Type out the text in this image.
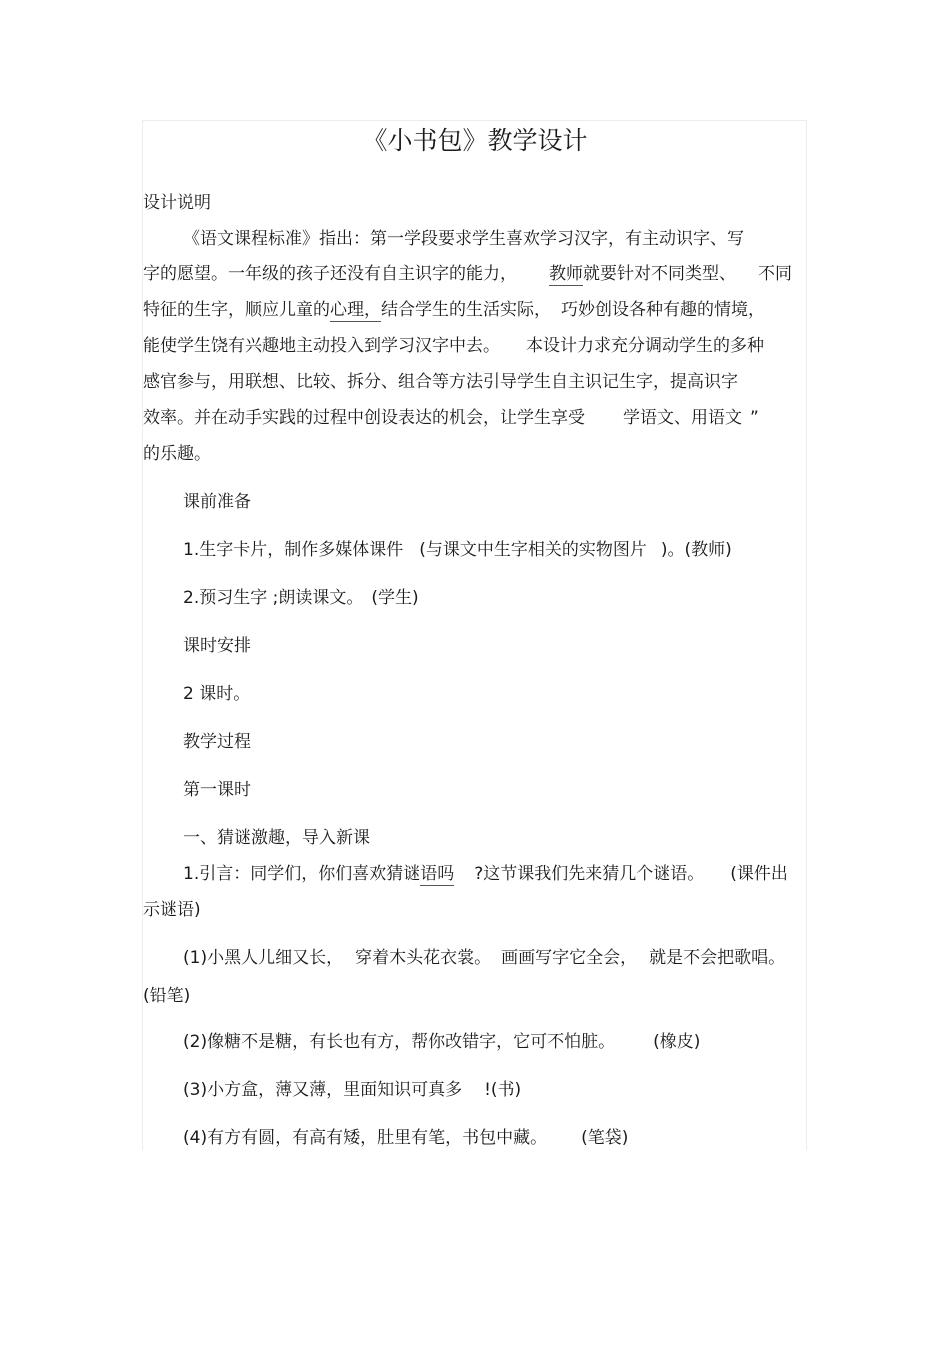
《小书包》教学设计
设计说明
《语文课程标准》指出：第一学段要求学生喜欢学习汉字，有主动识字、写
字的愿望。一年级的孩子还没有自主识字的能力， 教师就要针对不同类型、 不同
特征的生字，顺应儿童的心理，结合学生的生活实际， 巧妙创设各种有趣的情境，
能使学生饶有兴趣地主动投入到学习汉字中去。 本设计力求充分调动学生的多种
感官参与，用联想、比较、拆分、组合等方法引导学生自主识记生字，提高识字
效率。并在动手实践的过程中创设表达的机会，让学生享受 学语文、用语文 ”
的乐趣。
课前准备
1.生字卡片，制作多媒体课件 (与课文中生字相关的实物图片 )。(教师)
2.预习生字 ;朗读课文。 (学生)
课时安排
2 课时。
教学过程
第一课时
一、猜谜激趣，导入新课
1.引言：同学们，你们喜欢猜谜语吗 ?这节课我们先来猜几个谜语。 (课件出
示谜语)
(1)小黑人儿细又长， 穿着木头花衣裳。 画画写字它全会， 就是不会把歌唱。
(铅笔)
(2)像糖不是糖，有长也有方，帮你改错字，它可不怕脏。 (橡皮)
(3)小方盒，薄又薄，里面知识可真多 !(书)
(4)有方有圆，有高有矮，肚里有笔，书包中藏。 (笔袋)
